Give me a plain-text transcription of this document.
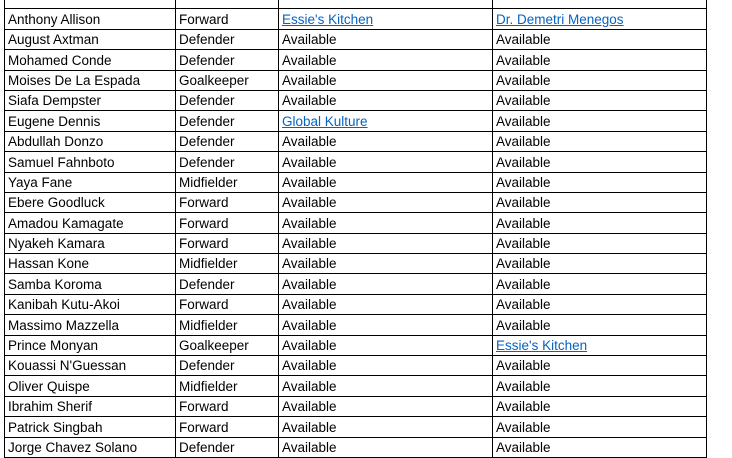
Anthony Allison	Forward	Essie's Kitchen	Dr. Demetri Menegos
August Axtman	Defender	Available	Available
Mohamed Conde	Defender	Available	Available
Moises De La Espada	Goalkeeper	Available	Available
Siafa Dempster	Defender	Available	Available
Eugene Dennis	Defender	Global Kulture	Available
Abdullah Donzo	Defender	Available	Available
Samuel Fahnboto	Defender	Available	Available
Yaya Fane	Midfielder	Available	Available
Ebere Goodluck	Forward	Available	Available
Amadou Kamagate	Forward	Available	Available
Nyakeh Kamara	Forward	Available	Available
Hassan Kone	Midfielder	Available	Available
Samba Koroma	Defender	Available	Available
Kanibah Kutu-Akoi	Forward	Available	Available
Massimo Mazzella	Midfielder	Available	Available
Prince Monyan	Goalkeeper	Available	Essie's Kitchen
Kouassi N'Guessan	Defender	Available	Available
Oliver Quispe	Midfielder	Available	Available
Ibrahim Sherif	Forward	Available	Available
Patrick Singbah	Forward	Available	Available
Jorge Chavez Solano	Defender	Available	Available
